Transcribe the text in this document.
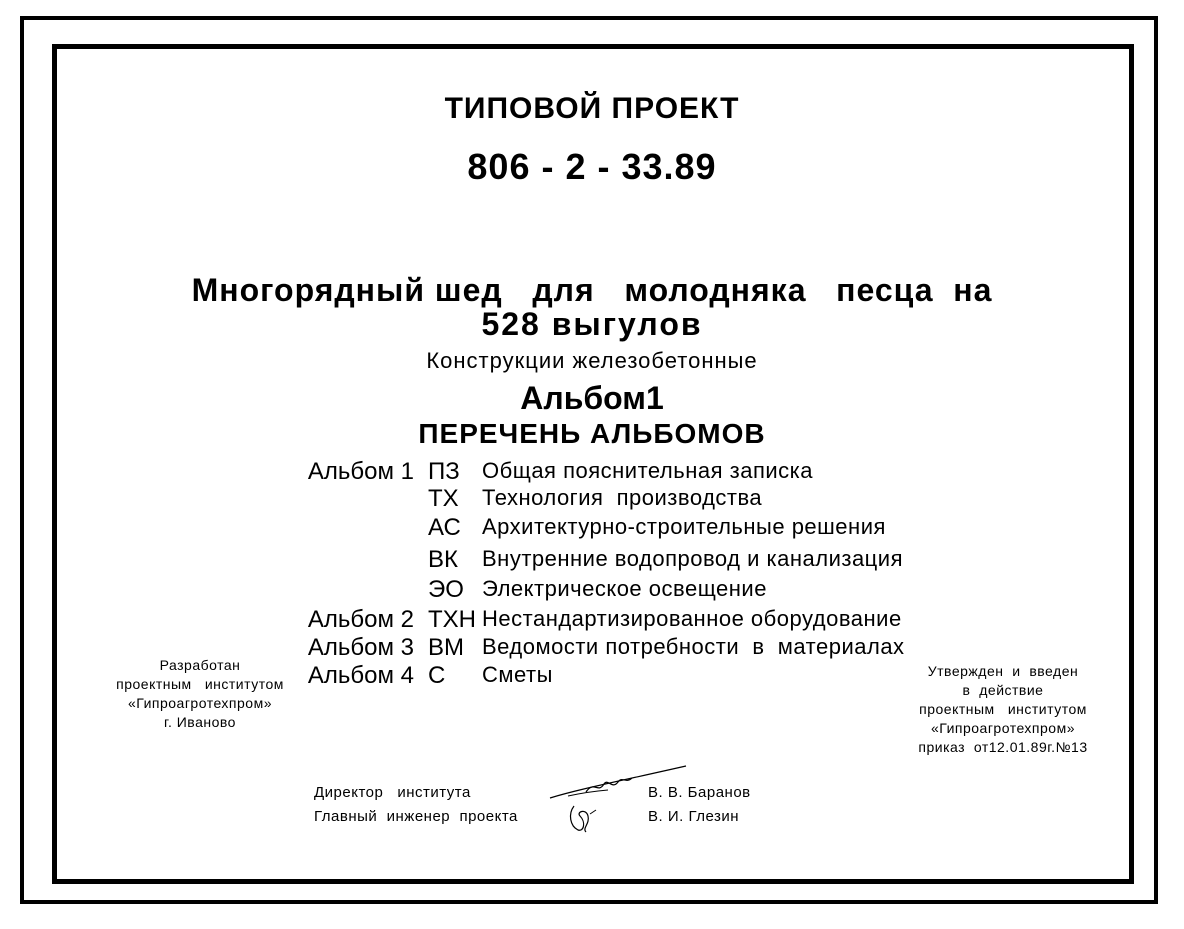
ТИПОВОЙ ПРОЕКТ
806 - 2 - 33.89
Многорядный шед   для   молодняка   песца  на
528 выгулов
Конструкции железобетонные
Альбом1
ПЕРЕЧЕНЬ АЛЬБОМОВ
Альбом 1 ПЗ Общая пояснительная записка
ТХ Технология  производства
АС Архитектурно-строительные решения
ВК Внутренние водопровод и канализация
ЭО Электрическое освещение
Альбом 2 ТХН Нестандартизированное оборудование
Альбом 3 ВМ Ведомости потребности  в  материалах
Альбом 4 С Сметы
Разработан
проектным   институтом
«Гипроагротехпром»
г. Иваново
Утвержден  и  введен
в  действие
проектным   институтом
«Гипроагротехпром»
приказ  от12.01.89г.№13
Директор   института
Главный  инженер  проекта
В. В. Баранов
В. И. Глезин
